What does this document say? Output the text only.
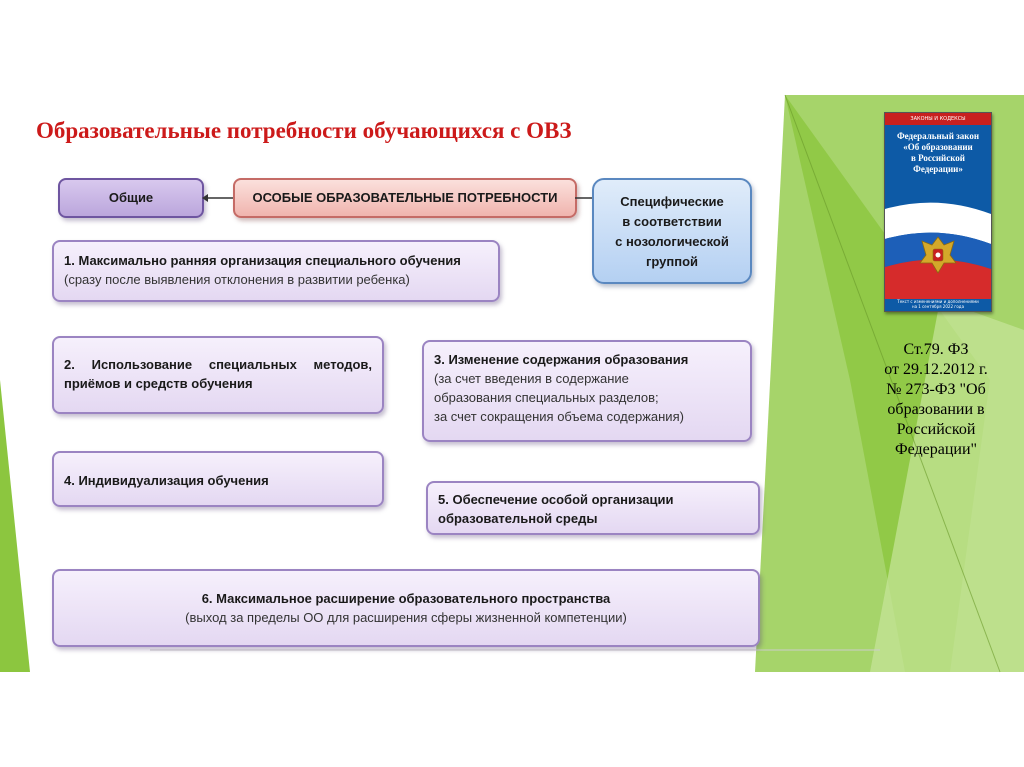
Образовательные потребности обучающихся с ОВЗ
Общие	ОСОБЫЕ ОБРАЗОВАТЕЛЬНЫЕ ПОТРЕБНОСТИ	Специфические
в соответствии
с нозологической
группой
1. Максимально ранняя организация специального обучения
(сразу после выявления отклонения в развитии ребенка)
2. Использование специальных методов,
приёмов и средств обучения
3. Изменение содержания образования
(за счет введения в содержание
образования специальных разделов;
за счет сокращения объема содержания)
4. Индивидуализация обучения
5. Обеспечение особой организации
образовательной среды
6. Максимальное расширение образовательного пространства
(выход за пределы ОО для расширения сферы жизненной компетенции)
ЗАКОНЫ И КОДЕКСЫ
Федеральный закон
«Об образовании
в Российской
Федерации»
Текст с изменениями и дополнениями
на 1 сентября 2022 года
Ст.79. ФЗ
от 29.12.2012 г.
№ 273-ФЗ "Об
образовании в
Российской
Федерации"
